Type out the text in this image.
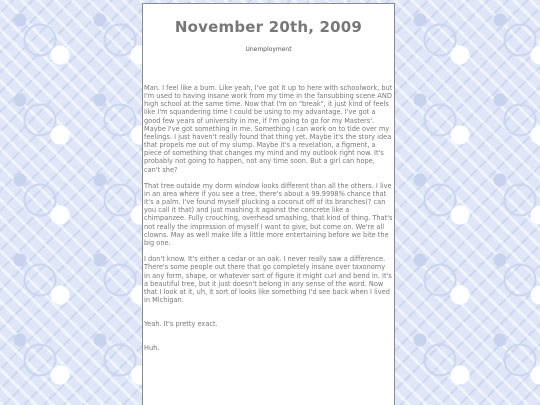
November 20th, 2009
Unemployment

Man. I feel like a bum. Like yeah, I've got it up to here with schoolwork, but I'm used to having insane work from my time in the fansubbing scene AND high school at the same time. Now that I'm on "break", it just kind of feels like I'm squandering time I could be using to my advantage. I've got a good few years of university in me, if I'm going to go for my Masters'. Maybe I've got something in me. Something I can work on to tide over my feelings. I just haven't really found that thing yet. Maybe it's the story idea that propels me out of my slump. Maybe it's a revelation, a figment, a piece of something that changes my mind and my outlook right now. It's probably not going to happen, not any time soon. But a girl can hope, can't she?

That tree outside my dorm window looks different than all the others. I live in an area where if you see a tree, there's about a 99.9998% chance that it's a palm. I've found myself plucking a coconut off of its branches(? can you call it that) and just mashing it against the concrete like a chimpanzee. Fully crouching, overhead smashing, that kind of thing. That's not really the impression of myself I want to give, but come on. We're all clowns. May as well make life a little more entertaining before we bite the big one.

I don't know. It's either a cedar or an oak. I never really saw a difference. There's some people out there that go completely insane over taxonomy in any form, shape, or whatever sort of figure it might curl and bend in. It's a beautiful tree, but it just doesn't belong in any sense of the word. Now that I look at it, uh, it sort of looks like something I'd see back when I lived in Michigan.

Yeah. It's pretty exact.

Huh.
